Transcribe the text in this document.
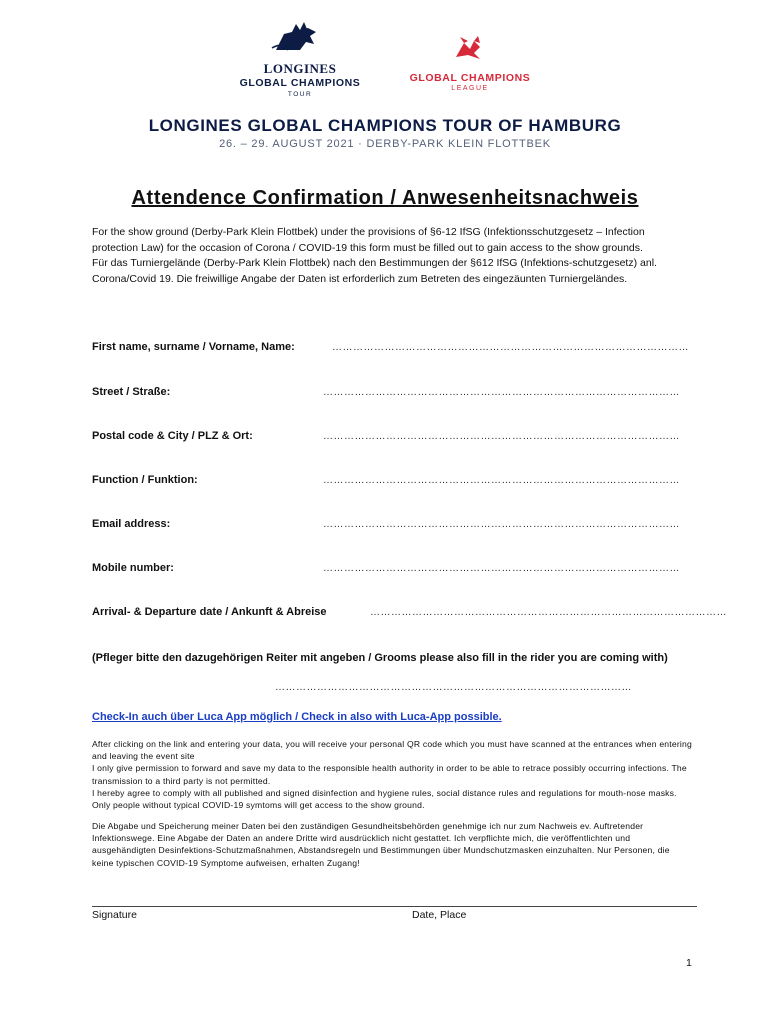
LONGINES
GLOBAL CHAMPIONS
TOUR
GLOBAL CHAMPIONS
LEAGUE
LONGINES GLOBAL CHAMPIONS TOUR OF HAMBURG
26. – 29. AUGUST 2021 · DERBY-PARK KLEIN FLOTTBEK
Attendence Confirmation / Anwesenheitsnachweis

For the show ground (Derby-Park Klein Flottbek) under the provisions of §6-12 IfSG (Infektionsschutzgesetz – Infection protection Law) for the occasion of Corona / COVID-19 this form must be filled out to gain access to the show grounds.

Für das Turniergelände (Derby-Park Klein Flottbek) nach den Bestimmungen der §612 IfSG (Infektions-schutzgesetz) anl. Corona/Covid 19. Die freiwillige Angabe der Daten ist erforderlich zum Betreten des eingezäunten Turniergeländes.

First name, surname / Vorname, Name:	…………………………………………………………………………………………
Street / Straße:	…………………………………………………………………………………………
Postal code & City / PLZ & Ort:	…………………………………………………………………………………………
Function / Funktion:	…………………………………………………………………………………………
Email address:	…………………………………………………………………………………………
Mobile number:	…………………………………………………………………………………………
Arrival- & Departure date / Ankunft & Abreise	…………………………………………………………………………………………
(Pfleger bitte den dazugehörigen Reiter mit angeben / Grooms please also fill in the rider you are coming with)
…………………………………………………………………………………………
Check-In auch über Luca App möglich / Check in also with Luca-App possible.

After clicking on the link and entering your data, you will receive your personal QR code which you must have scanned at the entrances when entering and leaving the event site

I only give permission to forward and save my data to the responsible health authority in order to be able to retrace possibly occurring infections. The transmission to a third party is not permitted.

I hereby agree to comply with all published and signed disinfection and hygiene rules, social distance rules and regulations for mouth-nose masks. Only people without typical COVID-19 symtoms will get access to the show ground.

Die Abgabe und Speicherung meiner Daten bei den zuständigen Gesundheitsbehörden genehmige ich nur zum Nachweis ev. Auftretender Infektionswege. Eine Abgabe der Daten an andere Dritte wird ausdrücklich nicht gestattet. Ich verpflichte mich, die veröffentlichten und ausgehändigten Desinfektions-Schutzmaßnahmen, Abstandsregeln und Bestimmungen über Mundschutzmasken einzuhalten. Nur Personen, die keine typischen COVID-19 Symptome aufweisen, erhalten Zugang!

Signature	Date, Place
1
